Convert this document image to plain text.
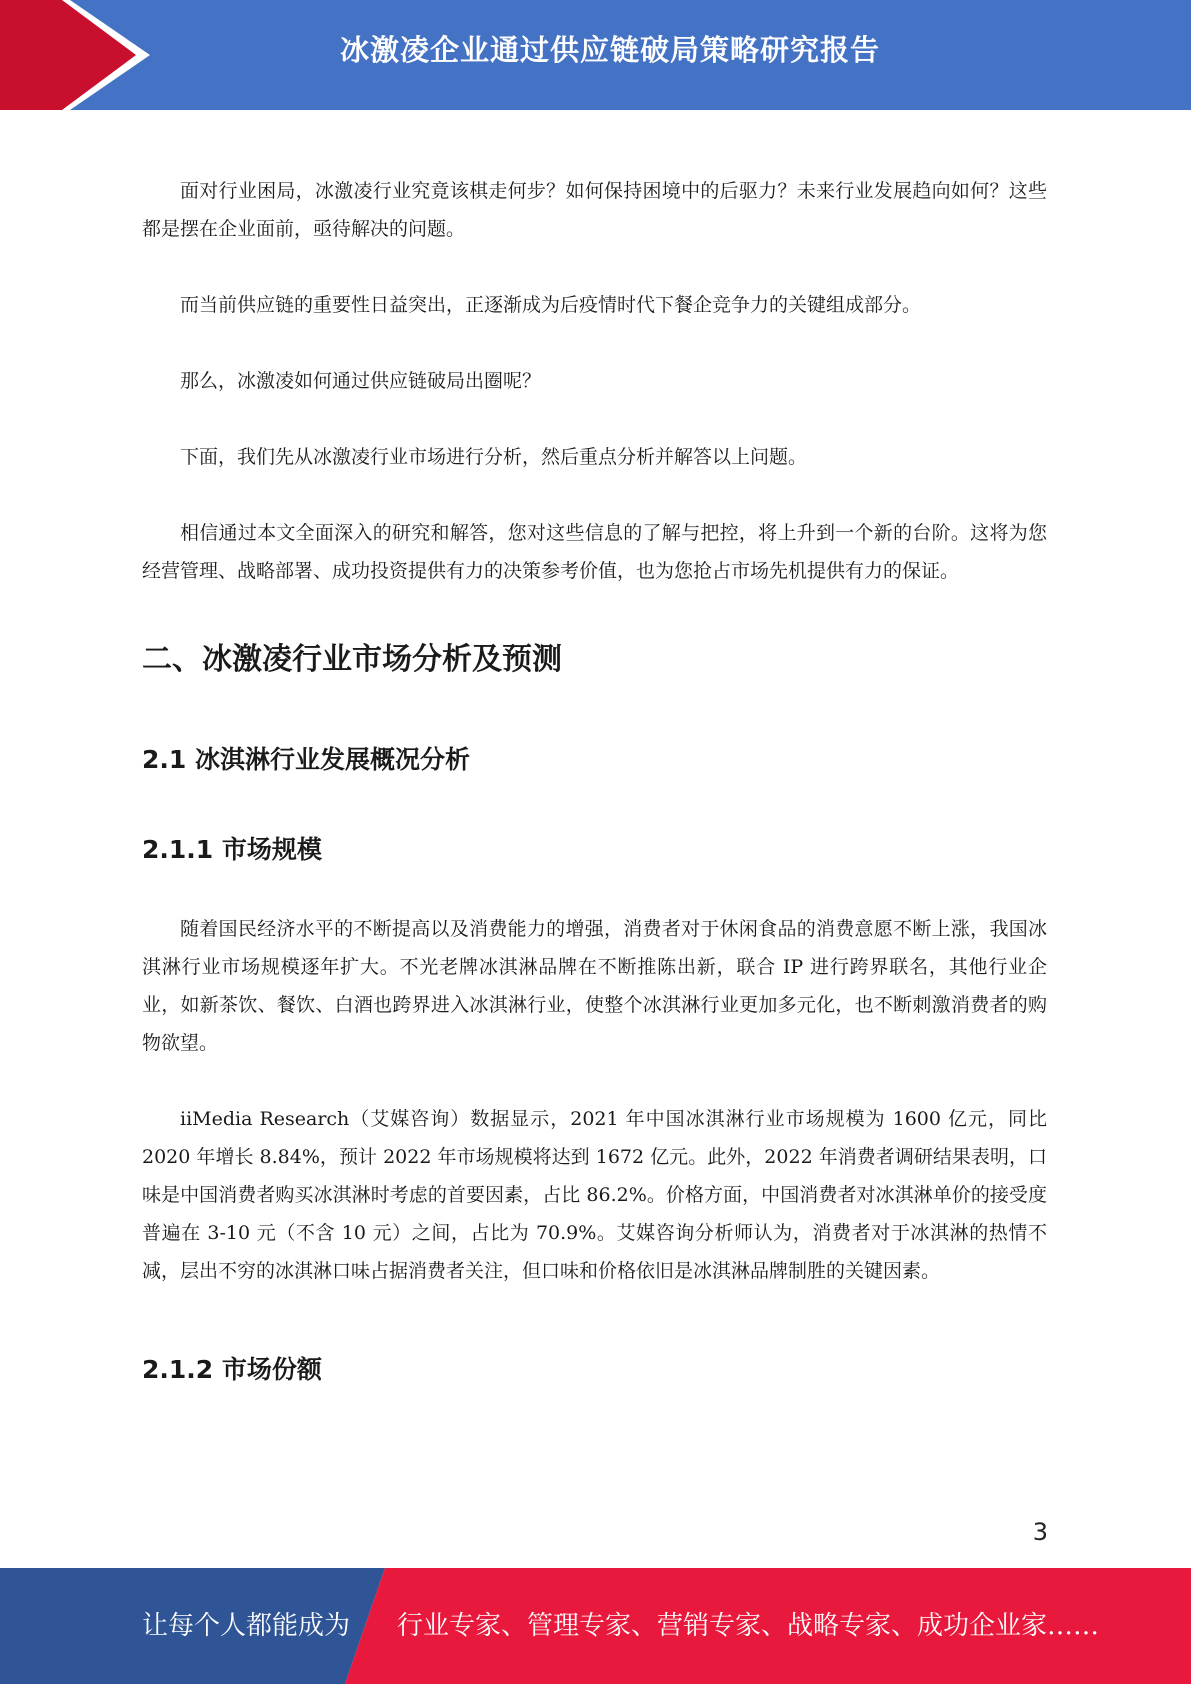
冰激凌企业通过供应链破局策略研究报告

面对行业困局，冰激凌行业究竟该棋走何步？如何保持困境中的后驱力？未来行业发展趋向如何？这些都是摆在企业面前，亟待解决的问题。

而当前供应链的重要性日益突出，正逐渐成为后疫情时代下餐企竞争力的关键组成部分。

那么，冰激凌如何通过供应链破局出圈呢？

下面，我们先从冰激凌行业市场进行分析，然后重点分析并解答以上问题。

相信通过本文全面深入的研究和解答，您对这些信息的了解与把控，将上升到一个新的台阶。这将为您经营管理、战略部署、成功投资提供有力的决策参考价值，也为您抢占市场先机提供有力的保证。

二、冰激凌行业市场分析及预测
2.1 冰淇淋行业发展概况分析
2.1.1 市场规模

随着国民经济水平的不断提高以及消费能力的增强，消费者对于休闲食品的消费意愿不断上涨，我国冰淇淋行业市场规模逐年扩大。不光老牌冰淇淋品牌在不断推陈出新，联合 IP 进行跨界联名，其他行业企业，如新茶饮、餐饮、白酒也跨界进入冰淇淋行业，使整个冰淇淋行业更加多元化，也不断刺激消费者的购物欲望。

iiMedia Research（艾媒咨询）数据显示，2021 年中国冰淇淋行业市场规模为 1600 亿元，同比 2020 年增长 8.84%，预计 2022 年市场规模将达到 1672 亿元。此外，2022 年消费者调研结果表明，口味是中国消费者购买冰淇淋时考虑的首要因素，占比 86.2%。价格方面，中国消费者对冰淇淋单价的接受度普遍在 3-10 元（不含 10 元）之间，占比为 70.9%。艾媒咨询分析师认为，消费者对于冰淇淋的热情不减，层出不穷的冰淇淋口味占据消费者关注，但口味和价格依旧是冰淇淋品牌制胜的关键因素。

2.1.2 市场份额
3
让每个人都能成为 行业专家、管理专家、营销专家、战略专家、成功企业家……
